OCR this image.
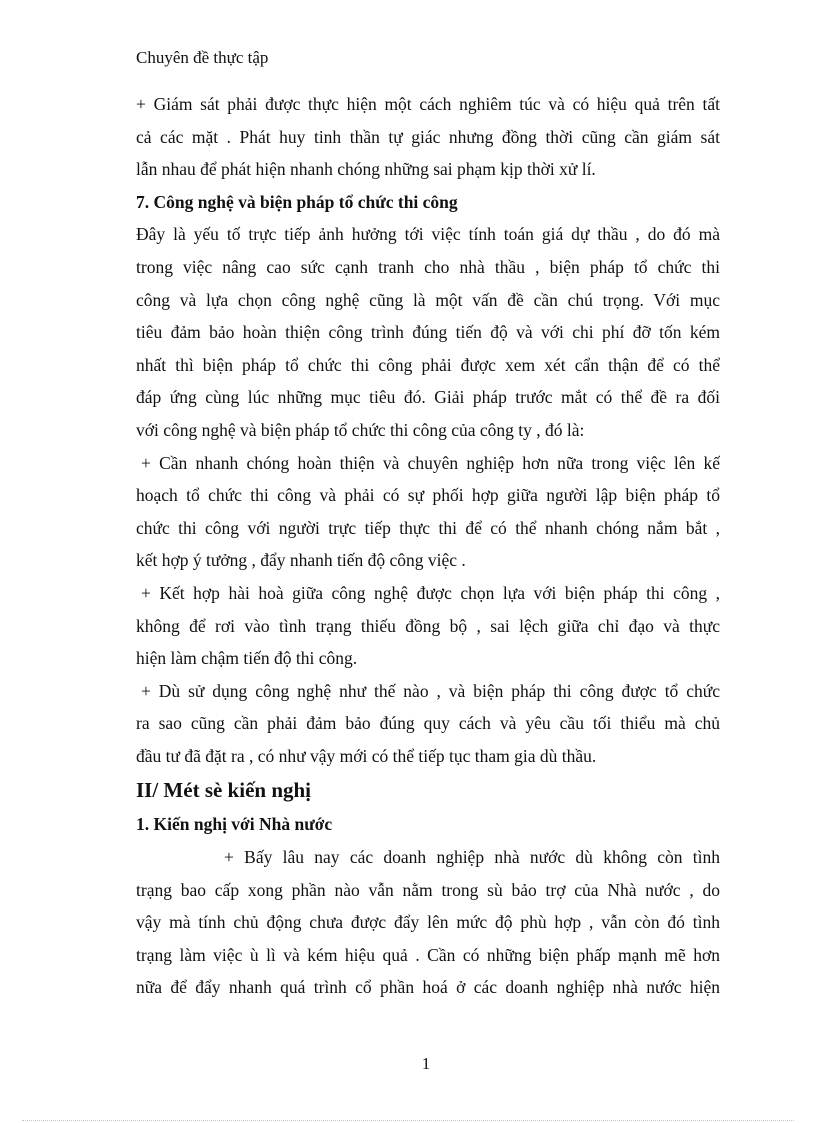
Chuyên đề thực tập
+ Giám sát phải được thực hiện một cách nghiêm túc và có hiệu quả trên tất
cả các mặt . Phát huy tinh thần tự giác nhưng đồng thời cũng cần giám sát
lẫn nhau để phát hiện nhanh chóng những sai phạm kịp thời xử lí.
7. Công nghệ và biện pháp tổ chức thi công
Đây là yếu tố trực tiếp ảnh hưởng tới việc tính toán giá dự thầu , do đó mà
trong việc nâng cao sức cạnh tranh cho nhà thầu , biện pháp tổ chức thi
công và lựa chọn công nghệ cũng là một vấn đề cần chú trọng. Với mục
tiêu đảm bảo hoàn thiện công trình đúng tiến độ và với chi phí đỡ tốn kém
nhất thì biện pháp tổ chức thi công phải được xem xét cẩn thận để có thể
đáp ứng cùng lúc những mục tiêu đó. Giải pháp trước mắt có thể đề ra đối
với công nghệ và biện pháp tổ chức thi công của công ty , đó là:
+ Cần nhanh chóng hoàn thiện và chuyên nghiệp hơn nữa trong việc lên kế
hoạch tổ chức thi công và phải có sự phối hợp giữa người lập biện pháp tổ
chức thi công với người trực tiếp thực thi để có thể nhanh chóng nắm bắt ,
kết hợp ý tưởng , đẩy nhanh tiến độ công việc .
+ Kết hợp hài hoà giữa công nghệ được chọn lựa với biện pháp thi công ,
không để rơi vào tình trạng thiếu đồng bộ , sai lệch giữa chỉ đạo và thực
hiện làm chậm tiến độ thi công.
+ Dù sử dụng công nghệ như thế nào , và biện pháp thi công được tổ chức
ra sao cũng cần phải đảm bảo đúng quy cách và yêu cầu tối thiểu mà chủ
đầu tư đã đặt ra , có như vậy mới có thể tiếp tục tham gia dù thầu.
II/ Mét sè kiến nghị
1. Kiến nghị với Nhà nước
+ Bấy lâu nay các doanh nghiệp nhà nước dù không còn tình
trạng bao cấp xong phần nào vẫn nằm trong sù bảo trợ của Nhà nước , do
vậy mà tính chủ động chưa được đẩy lên mức độ phù hợp , vẫn còn đó tình
trạng làm việc ù lì và kém hiệu quả . Cần có những biện phấp mạnh mẽ hơn
nữa để đẩy nhanh quá trình cổ phần hoá ở các doanh nghiệp nhà nước hiện
1
